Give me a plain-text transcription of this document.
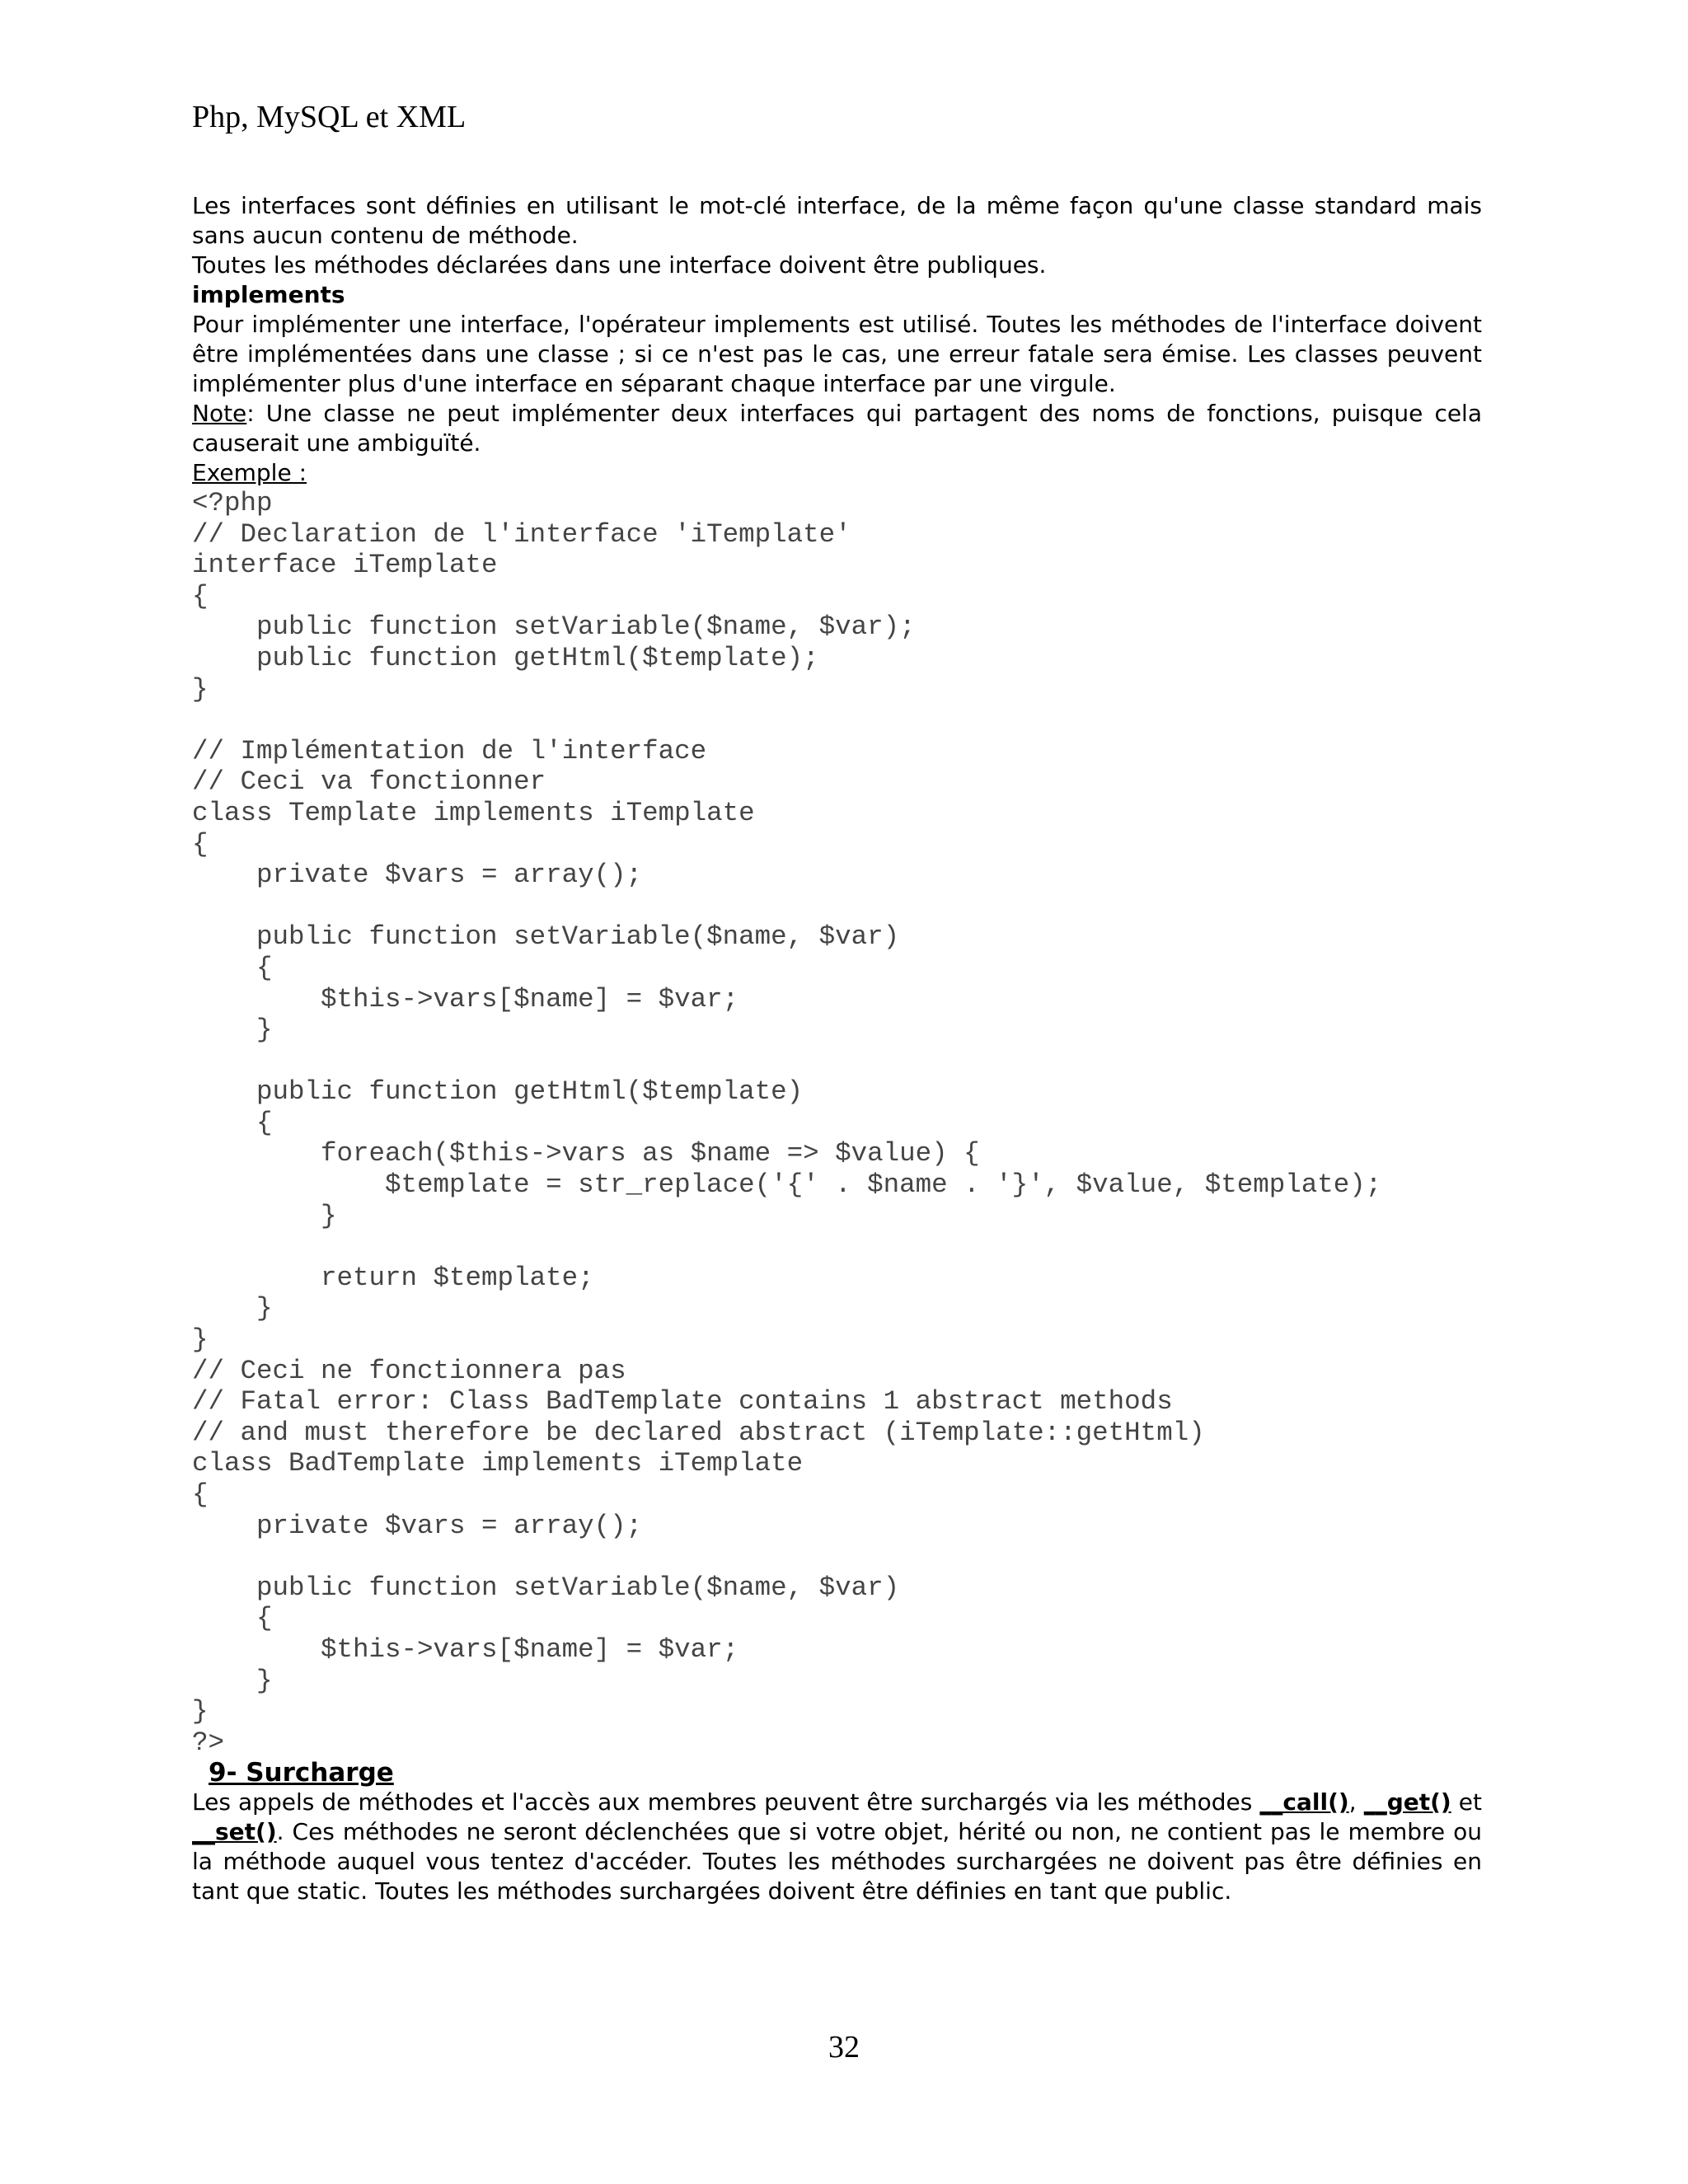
Php, MySQL et XML

Les interfaces sont définies en utilisant le mot-clé interface, de la même façon qu'une classe standard mais sans aucun contenu de méthode.

Toutes les méthodes déclarées dans une interface doivent être publiques.

implements

Pour implémenter une interface, l'opérateur implements est utilisé. Toutes les méthodes de l'interface doivent être implémentées dans une classe ; si ce n'est pas le cas, une erreur fatale sera émise. Les classes peuvent implémenter plus d'une interface en séparant chaque interface par une virgule.

Note: Une classe ne peut implémenter deux interfaces qui partagent des noms de fonctions, puisque cela causerait une ambiguïté.

Exemple :

<?php
// Declaration de l'interface 'iTemplate'
interface iTemplate
{
public function setVariable($name, $var);
public function getHtml($template);
}
// Implémentation de l'interface
// Ceci va fonctionner
class Template implements iTemplate
{
private $vars = array();
public function setVariable($name, $var)
{
$this->vars[$name] = $var;
}
public function getHtml($template)
{
foreach($this->vars as $name => $value) {
$template = str_replace('{' . $name . '}', $value, $template);
}
return $template;
}
}
// Ceci ne fonctionnera pas
// Fatal error: Class BadTemplate contains 1 abstract methods
// and must therefore be declared abstract (iTemplate::getHtml)
class BadTemplate implements iTemplate
{
private $vars = array();
public function setVariable($name, $var)
{
$this->vars[$name] = $var;
}
}
?>

9- Surcharge

Les appels de méthodes et l'accès aux membres peuvent être surchargés via les méthodes __call(), __get() et __set(). Ces méthodes ne seront déclenchées que si votre objet, hérité ou non, ne contient pas le membre ou la méthode auquel vous tentez d'accéder. Toutes les méthodes surchargées ne doivent pas être définies en tant que static. Toutes les méthodes surchargées doivent être définies en tant que public.

32
